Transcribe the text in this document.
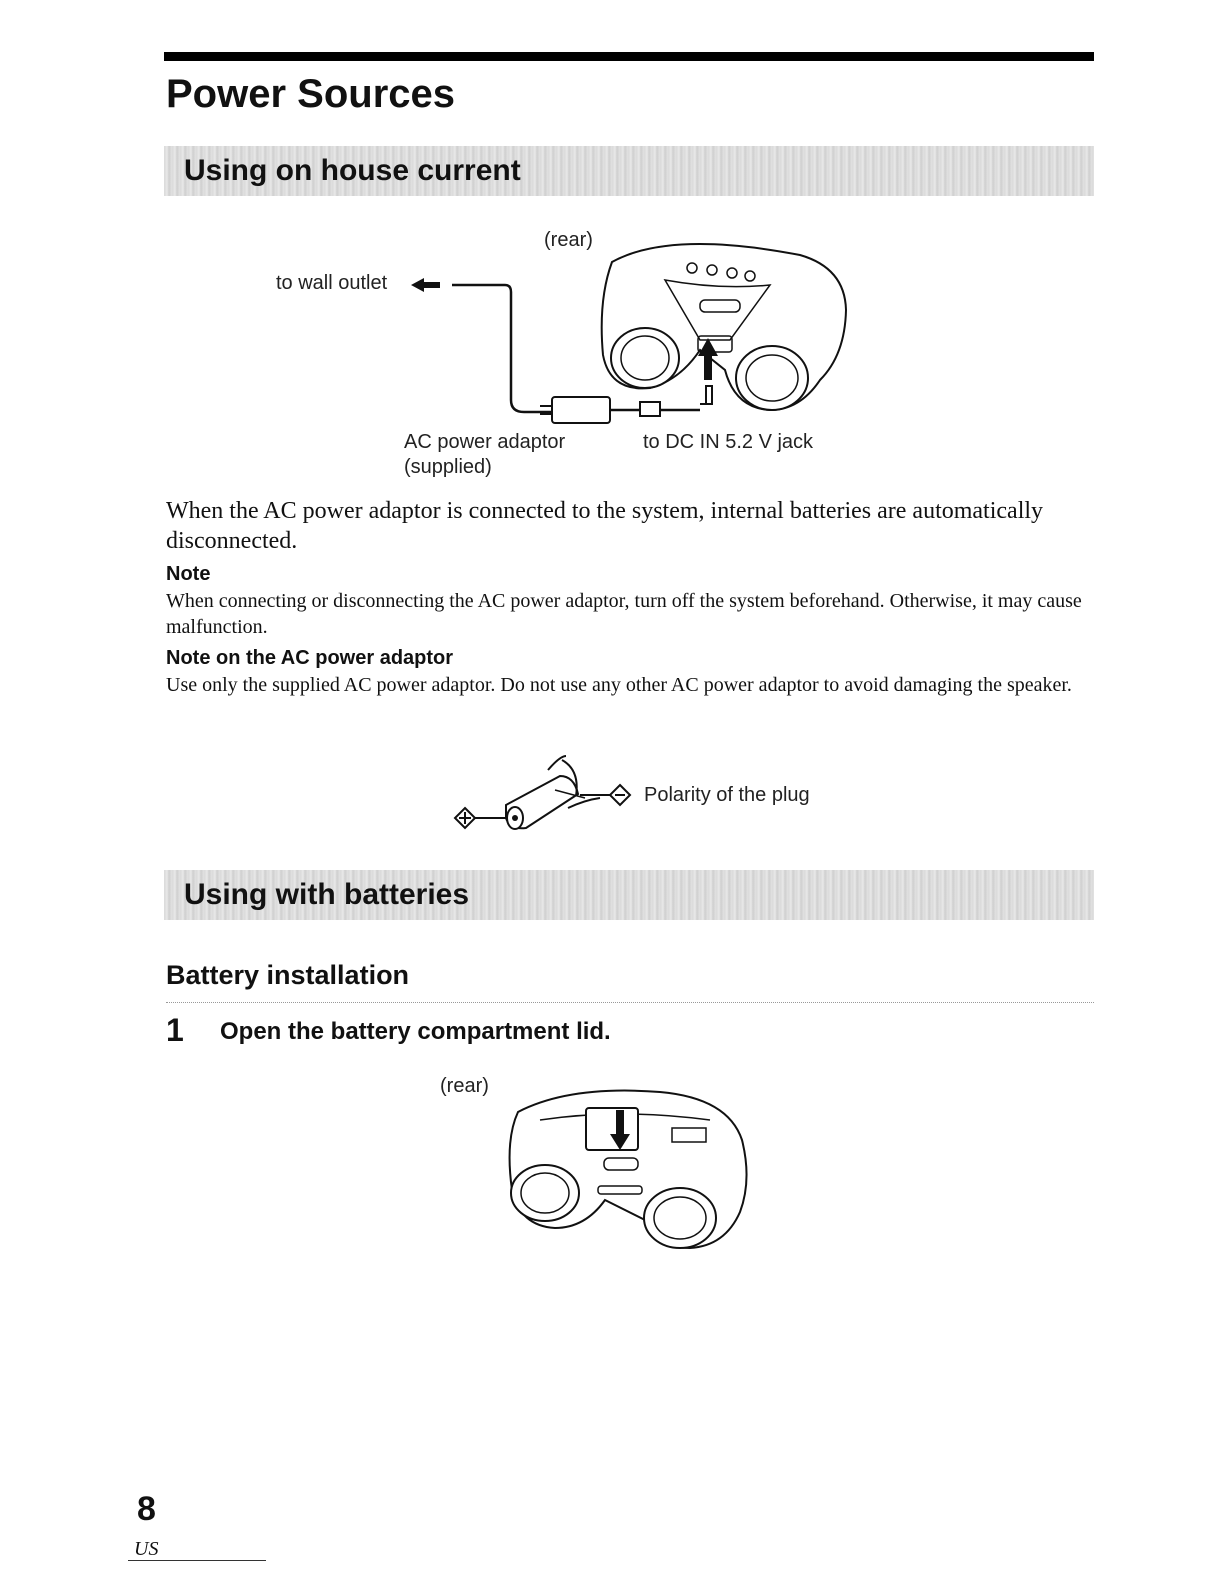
Power Sources
Using on house current
(rear)
to wall outlet
AC power adaptor
(supplied)
to DC IN 5.2 V jack

When the AC power adaptor is connected to the system, internal batteries are automatically disconnected.

Note

When connecting or disconnecting the AC power adaptor, turn off the system beforehand. Otherwise, it may cause malfunction.

Note on the AC power adaptor

Use only the supplied AC power adaptor. Do not use any other AC power adaptor to avoid damaging the speaker.

Polarity of the plug
Using with batteries
Battery installation
1 Open the battery compartment lid.
(rear)
8
US
